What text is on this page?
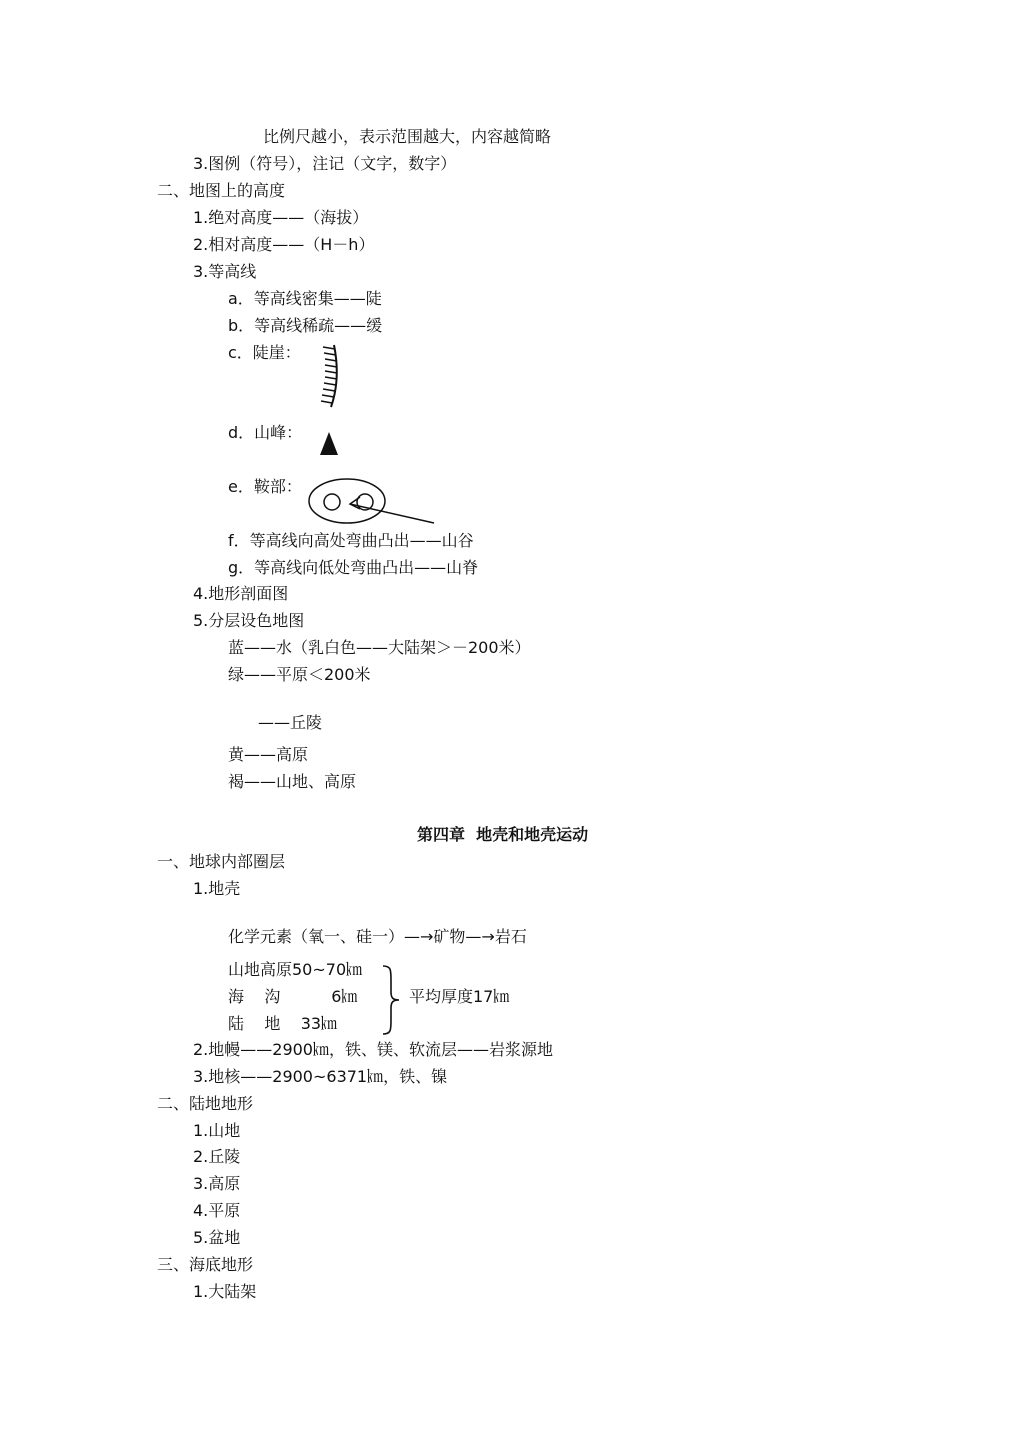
比例尺越小，表示范围越大，内容越简略
3.图例（符号），注记（文字，数字）
二、地图上的高度
1.绝对高度——（海拔）
2.相对高度——（H－h）
3.等高线
a．等高线密集——陡
b．等高线稀疏——缓
c．陡崖：
d．山峰：
e．鞍部：
f．等高线向高处弯曲凸出——山谷
g．等高线向低处弯曲凸出——山脊
4.地形剖面图
5.分层设色地图
蓝——水（乳白色——大陆架＞－200米）
绿——平原＜200米
——丘陵
黄——高原
褐——山地、高原
第四章  地壳和地壳运动
一、地球内部圈层
1.地壳
化学元素（氧一、硅一）—→矿物—→岩石
山地高原50~70㎞
海    沟          6㎞
陆    地    33㎞
平均厚度17㎞
2.地幔——2900㎞，铁、镁、软流层——岩浆源地
3.地核——2900~6371㎞，铁、镍
二、陆地地形
1.山地
2.丘陵
3.高原
4.平原
5.盆地
三、海底地形
1.大陆架
